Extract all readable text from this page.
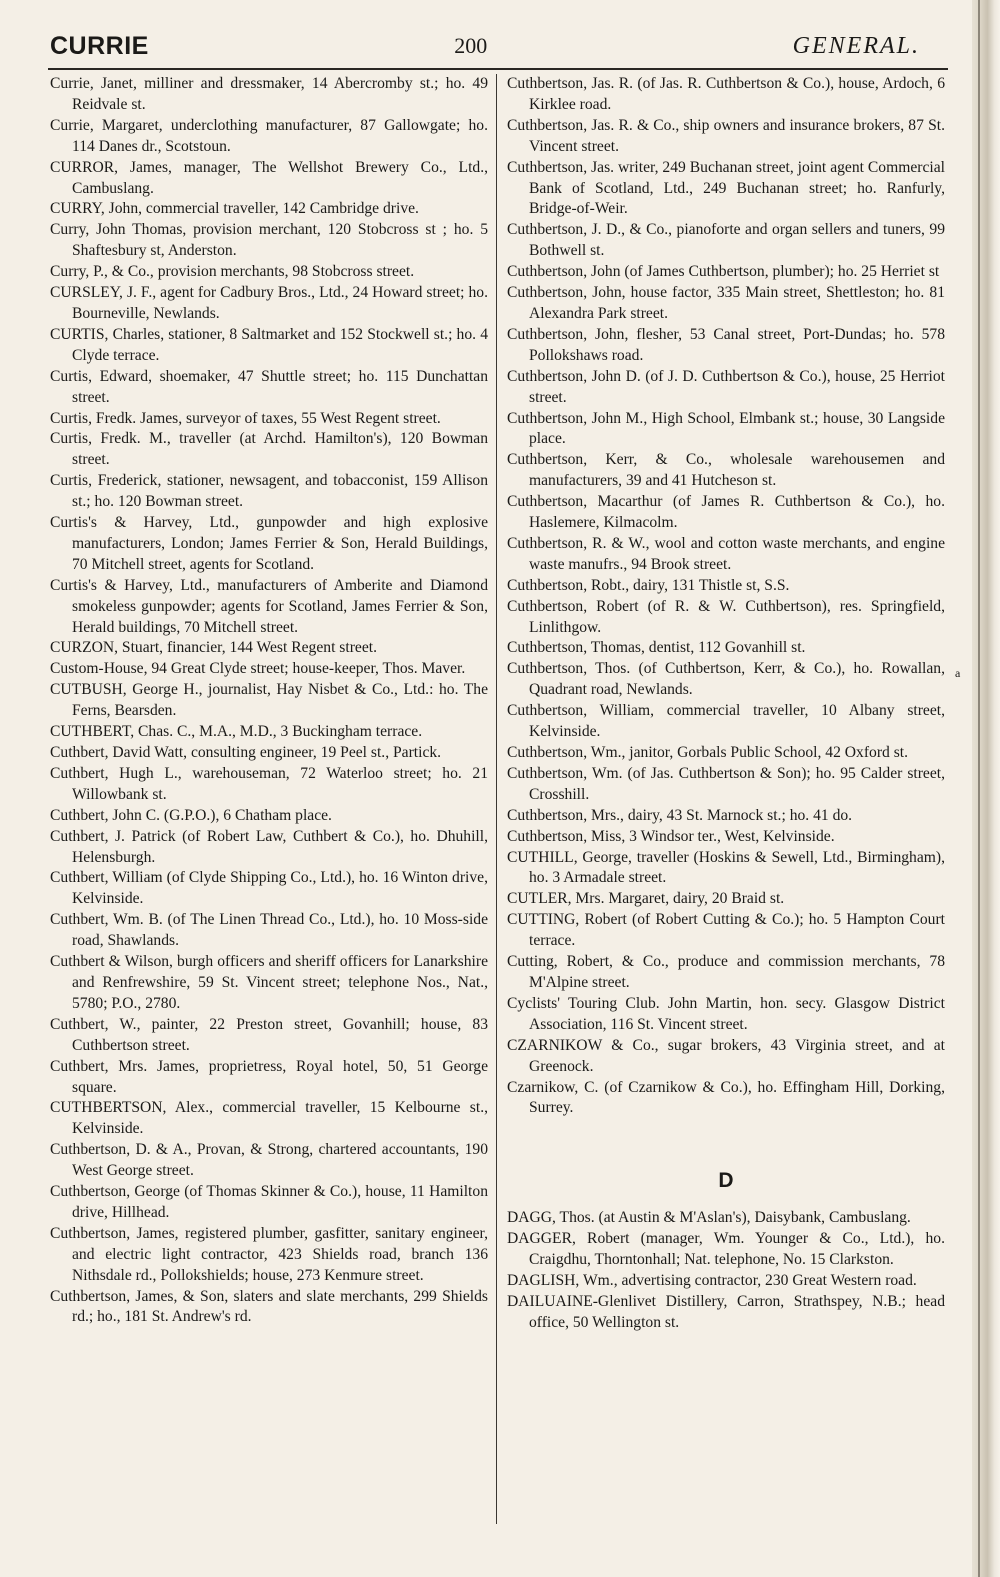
CURRIE	200	GENERAL.
Currie, Janet, milliner and dressmaker, 14 Abercromby st.; ho. 49 Reidvale st.
Currie, Margaret, underclothing manufacturer, 87 Gallowgate; ho. 114 Danes dr., Scotstoun.
CURROR, James, manager, The Wellshot Brewery Co., Ltd., Cambuslang.
CURRY, John, commercial traveller, 142 Cambridge drive.
Curry, John Thomas, provision merchant, 120 Stobcross st ; ho. 5 Shaftesbury st, Anderston.
Curry, P., & Co., provision merchants, 98 Stobcross street.
CURSLEY, J. F., agent for Cadbury Bros., Ltd., 24 Howard street; ho. Bourneville, Newlands.
CURTIS, Charles, stationer, 8 Saltmarket and 152 Stockwell st.; ho. 4 Clyde terrace.
Curtis, Edward, shoemaker, 47 Shuttle street; ho. 115 Dunchattan street.
Curtis, Fredk. James, surveyor of taxes, 55 West Regent street.
Curtis, Fredk. M., traveller (at Archd. Hamilton's), 120 Bowman street.
Curtis, Frederick, stationer, newsagent, and tobacconist, 159 Allison st.; ho. 120 Bowman street.
Curtis's & Harvey, Ltd., gunpowder and high explosive manufacturers, London; James Ferrier & Son, Herald Buildings, 70 Mitchell street, agents for Scotland.
Curtis's & Harvey, Ltd., manufacturers of Amberite and Diamond smokeless gunpowder; agents for Scotland, James Ferrier & Son, Herald buildings, 70 Mitchell street.
CURZON, Stuart, financier, 144 West Regent street.
Custom-House, 94 Great Clyde street; house-keeper, Thos. Maver.
CUTBUSH, George H., journalist, Hay Nisbet & Co., Ltd.: ho. The Ferns, Bearsden.
CUTHBERT, Chas. C., M.A., M.D., 3 Buckingham terrace.
Cuthbert, David Watt, consulting engineer, 19 Peel st., Partick.
Cuthbert, Hugh L., warehouseman, 72 Waterloo street; ho. 21 Willowbank st.
Cuthbert, John C. (G.P.O.), 6 Chatham place.
Cuthbert, J. Patrick (of Robert Law, Cuthbert & Co.), ho. Dhuhill, Helensburgh.
Cuthbert, William (of Clyde Shipping Co., Ltd.), ho. 16 Winton drive, Kelvinside.
Cuthbert, Wm. B. (of The Linen Thread Co., Ltd.), ho. 10 Moss-side road, Shawlands.
Cuthbert & Wilson, burgh officers and sheriff officers for Lanarkshire and Renfrewshire, 59 St. Vincent street; telephone Nos., Nat., 5780; P.O., 2780.
Cuthbert, W., painter, 22 Preston street, Govanhill; house, 83 Cuthbertson street.
Cuthbert, Mrs. James, proprietress, Royal hotel, 50, 51 George square.
CUTHBERTSON, Alex., commercial traveller, 15 Kelbourne st., Kelvinside.
Cuthbertson, D. & A., Provan, & Strong, chartered accountants, 190 West George street.
Cuthbertson, George (of Thomas Skinner & Co.), house, 11 Hamilton drive, Hillhead.
Cuthbertson, James, registered plumber, gasfitter, sanitary engineer, and electric light contractor, 423 Shields road, branch 136 Nithsdale rd., Pollokshields; house, 273 Kenmure street.
Cuthbertson, James, & Son, slaters and slate merchants, 299 Shields rd.; ho., 181 St. Andrew's rd.
Cuthbertson, Jas. R. (of Jas. R. Cuthbertson & Co.), house, Ardoch, 6 Kirklee road.
Cuthbertson, Jas. R. & Co., ship owners and insurance brokers, 87 St. Vincent street.
Cuthbertson, Jas. writer, 249 Buchanan street, joint agent Commercial Bank of Scotland, Ltd., 249 Buchanan street; ho. Ranfurly, Bridge-of-Weir.
Cuthbertson, J. D., & Co., pianoforte and organ sellers and tuners, 99 Bothwell st.
Cuthbertson, John (of James Cuthbertson, plumber); ho. 25 Herriet st
Cuthbertson, John, house factor, 335 Main street, Shettleston; ho. 81 Alexandra Park street.
Cuthbertson, John, flesher, 53 Canal street, Port-Dundas; ho. 578 Pollokshaws road.
Cuthbertson, John D. (of J. D. Cuthbertson & Co.), house, 25 Herriot street.
Cuthbertson, John M., High School, Elmbank st.; house, 30 Langside place.
Cuthbertson, Kerr, & Co., wholesale warehousemen and manufacturers, 39 and 41 Hutcheson st.
Cuthbertson, Macarthur (of James R. Cuthbertson & Co.), ho. Haslemere, Kilmacolm.
Cuthbertson, R. & W., wool and cotton waste merchants, and engine waste manufrs., 94 Brook street.
Cuthbertson, Robt., dairy, 131 Thistle st, S.S.
Cuthbertson, Robert (of R. & W. Cuthbertson), res. Springfield, Linlithgow.
Cuthbertson, Thomas, dentist, 112 Govanhill st.
Cuthbertson, Thos. (of Cuthbertson, Kerr, & Co.), ho. Rowallan, Quadrant road, Newlands.
Cuthbertson, William, commercial traveller, 10 Albany street, Kelvinside.
Cuthbertson, Wm., janitor, Gorbals Public School, 42 Oxford st.
Cuthbertson, Wm. (of Jas. Cuthbertson & Son); ho. 95 Calder street, Crosshill.
Cuthbertson, Mrs., dairy, 43 St. Marnock st.; ho. 41 do.
Cuthbertson, Miss, 3 Windsor ter., West, Kelvinside.
CUTHILL, George, traveller (Hoskins & Sewell, Ltd., Birmingham), ho. 3 Armadale street.
CUTLER, Mrs. Margaret, dairy, 20 Braid st.
CUTTING, Robert (of Robert Cutting & Co.); ho. 5 Hampton Court terrace.
Cutting, Robert, & Co., produce and commission merchants, 78 M'Alpine street.
Cyclists' Touring Club. John Martin, hon. secy. Glasgow District Association, 116 St. Vincent street.
CZARNIKOW & Co., sugar brokers, 43 Virginia street, and at Greenock.
Czarnikow, C. (of Czarnikow & Co.), ho. Effingham Hill, Dorking, Surrey.
D
DAGG, Thos. (at Austin & M'Aslan's), Daisybank, Cambuslang.
DAGGER, Robert (manager, Wm. Younger & Co., Ltd.), ho. Craigdhu, Thorntonhall; Nat. telephone, No. 15 Clarkston.
DAGLISH, Wm., advertising contractor, 230 Great Western road.
DAILUAINE-Glenlivet Distillery, Carron, Strathspey, N.B.; head office, 50 Wellington st.
a
